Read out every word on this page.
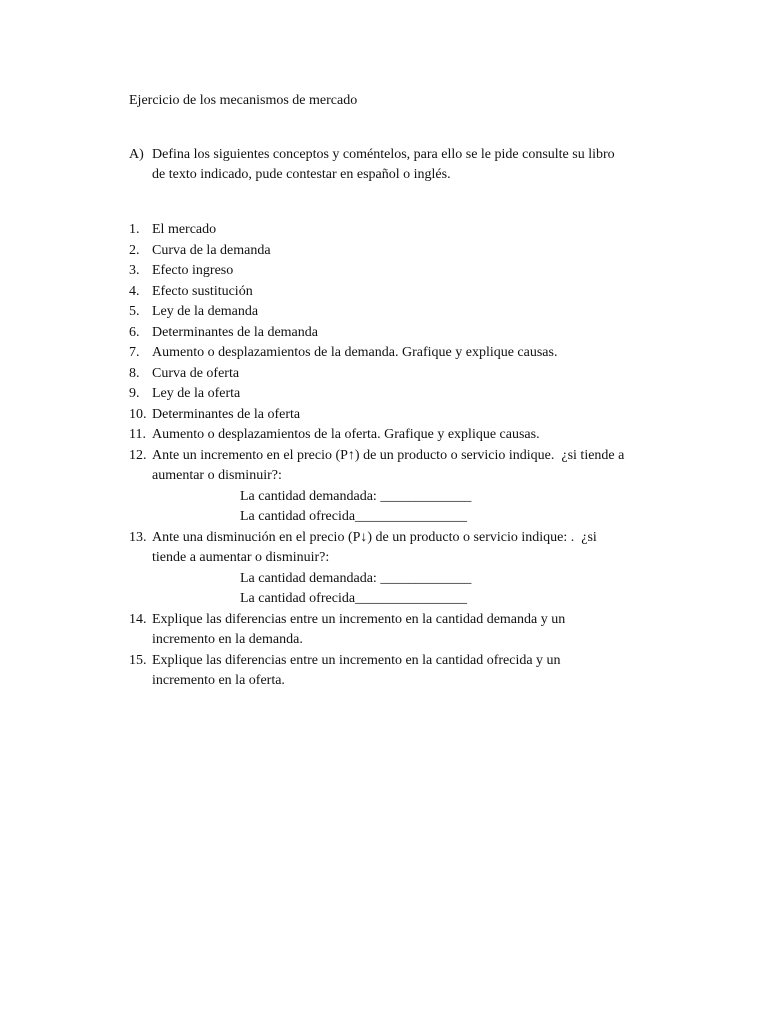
Ejercicio de los mecanismos de mercado
A) Defina los siguientes conceptos y coméntelos, para ello se le pide consulte su libro
de texto indicado, pude contestar en español o inglés.
1. El mercado
2. Curva de la demanda
3. Efecto ingreso
4. Efecto sustitución
5. Ley de la demanda
6. Determinantes de la demanda
7. Aumento o desplazamientos de la demanda. Grafique y explique causas.
8. Curva de oferta
9. Ley de la oferta
10. Determinantes de la oferta
11. Aumento o desplazamientos de la oferta. Grafique y explique causas.
12. Ante un incremento en el precio (P↑) de un producto o servicio indique.  ¿si tiende a
aumentar o disminuir?:
La cantidad demandada: _____________
La cantidad ofrecida________________
13. Ante una disminución en el precio (P↓) de un producto o servicio indique: .  ¿si
tiende a aumentar o disminuir?:
La cantidad demandada: _____________
La cantidad ofrecida________________
14. Explique las diferencias entre un incremento en la cantidad demanda y un
incremento en la demanda.
15. Explique las diferencias entre un incremento en la cantidad ofrecida y un
incremento en la oferta.
